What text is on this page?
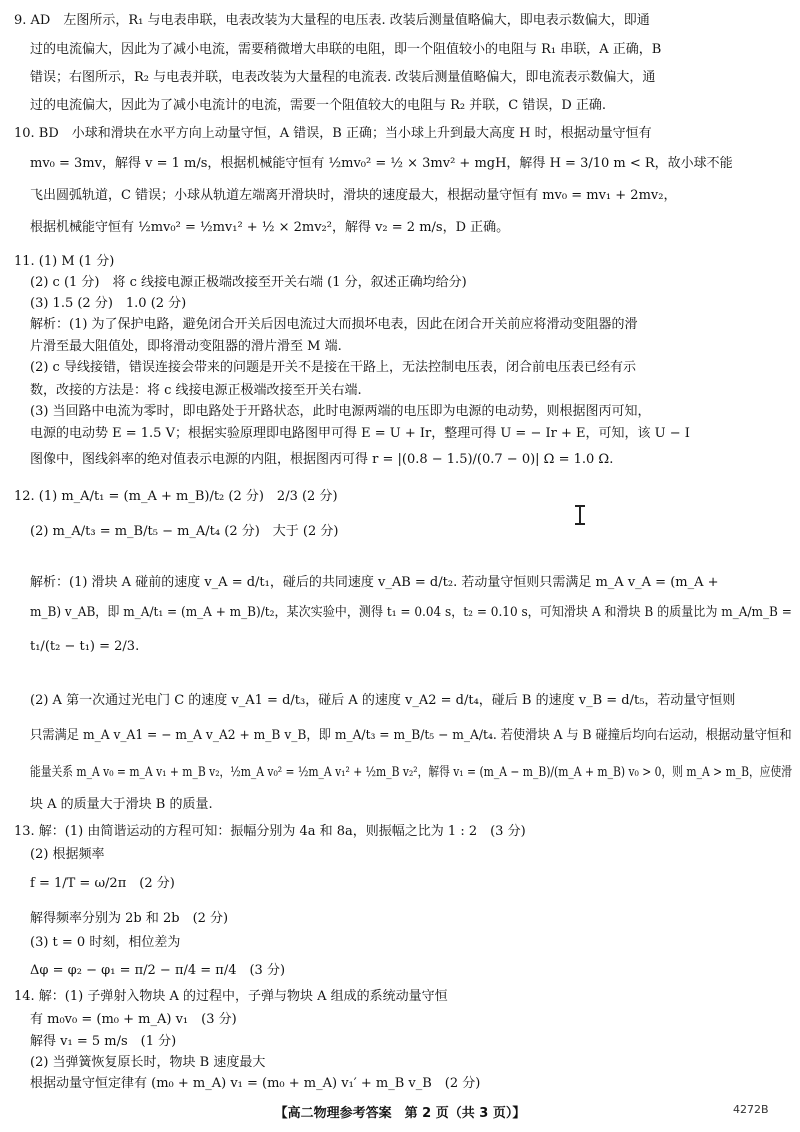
9. AD　左图所示，R₁ 与电表串联，电表改装为大量程的电压表. 改装后测量值略偏大，即电表示数偏大，即通
过的电流偏大，因此为了减小电流，需要稍微增大串联的电阻，即一个阻值较小的电阻与 R₁ 串联，A 正确，B
错误；右图所示，R₂ 与电表并联，电表改装为大量程的电流表. 改装后测量值略偏大，即电流表示数偏大，通
过的电流偏大，因此为了减小电流计的电流，需要一个阻值较大的电阻与 R₂ 并联，C 错误，D 正确.
10. BD　小球和滑块在水平方向上动量守恒，A 错误，B 正确；当小球上升到最大高度 H 时，根据动量守恒有
mv₀ = 3mv，解得 v = 1 m/s，根据机械能守恒有 ½mv₀² = ½ × 3mv² + mgH，解得 H = 3/10 m < R，故小球不能
飞出圆弧轨道，C 错误；小球从轨道左端离开滑块时，滑块的速度最大，根据动量守恒有 mv₀ = mv₁ + 2mv₂，
根据机械能守恒有 ½mv₀² = ½mv₁² + ½ × 2mv₂²，解得 v₂ = 2 m/s，D 正确。
11. (1) M (1 分)
(2) c (1 分)　将 c 线接电源正极端改接至开关右端 (1 分，叙述正确均给分)
(3) 1.5 (2 分)　1.0 (2 分)
解析：(1) 为了保护电路，避免闭合开关后因电流过大而损坏电表，因此在闭合开关前应将滑动变阻器的滑
片滑至最大阻值处，即将滑动变阻器的滑片滑至 M 端.
(2) c 导线接错，错误连接会带来的问题是开关不是接在干路上，无法控制电压表，闭合前电压表已经有示
数，改接的方法是：将 c 线接电源正极端改接至开关右端.
(3) 当回路中电流为零时，即电路处于开路状态，此时电源两端的电压即为电源的电动势，则根据图丙可知，
电源的电动势 E = 1.5 V；根据实验原理即电路图甲可得 E = U + Ir，整理可得 U = − Ir + E，可知，该 U − I
图像中，图线斜率的绝对值表示电源的内阻，根据图丙可得 r = |(0.8 − 1.5)/(0.7 − 0)| Ω = 1.0 Ω.
12. (1) m_A/t₁ = (m_A + m_B)/t₂ (2 分)　2/3 (2 分)
(2) m_A/t₃ = m_B/t₅ − m_A/t₄ (2 分)　大于 (2 分)
解析：(1) 滑块 A 碰前的速度 v_A = d/t₁，碰后的共同速度 v_AB = d/t₂. 若动量守恒则只需满足 m_A v_A = (m_A +
m_B) v_AB，即 m_A/t₁ = (m_A + m_B)/t₂，某次实验中，测得 t₁ = 0.04 s，t₂ = 0.10 s，可知滑块 A 和滑块 B 的质量比为 m_A/m_B =
t₁/(t₂ − t₁) = 2/3.
(2) A 第一次通过光电门 C 的速度 v_A1 = d/t₃，碰后 A 的速度 v_A2 = d/t₄，碰后 B 的速度 v_B = d/t₅，若动量守恒则
只需满足 m_A v_A1 = − m_A v_A2 + m_B v_B，即 m_A/t₃ = m_B/t₅ − m_A/t₄. 若使滑块 A 与 B 碰撞后均向右运动，根据动量守恒和
能量关系 m_A v₀ = m_A v₁ + m_B v₂，½m_A v₀² = ½m_A v₁² + ½m_B v₂²，解得 v₁ = (m_A − m_B)/(m_A + m_B) v₀ > 0，则 m_A > m_B，应使滑
块 A 的质量大于滑块 B 的质量.
13. 解：(1) 由简谐运动的方程可知：振幅分别为 4a 和 8a，则振幅之比为 1 : 2　(3 分)
(2) 根据频率
f = 1/T = ω/2π　(2 分)
解得频率分别为 2b 和 2b　(2 分)
(3) t = 0 时刻，相位差为
Δφ = φ₂ − φ₁ = π/2 − π/4 = π/4　(3 分)
14. 解：(1) 子弹射入物块 A 的过程中，子弹与物块 A 组成的系统动量守恒
有 m₀v₀ = (m₀ + m_A) v₁　(3 分)
解得 v₁ = 5 m/s　(1 分)
(2) 当弹簧恢复原长时，物块 B 速度最大
根据动量守恒定律有 (m₀ + m_A) v₁ = (m₀ + m_A) v₁′ + m_B v_B　(2 分)
【高二物理参考答案　第 2 页（共 3 页）】	4272B
